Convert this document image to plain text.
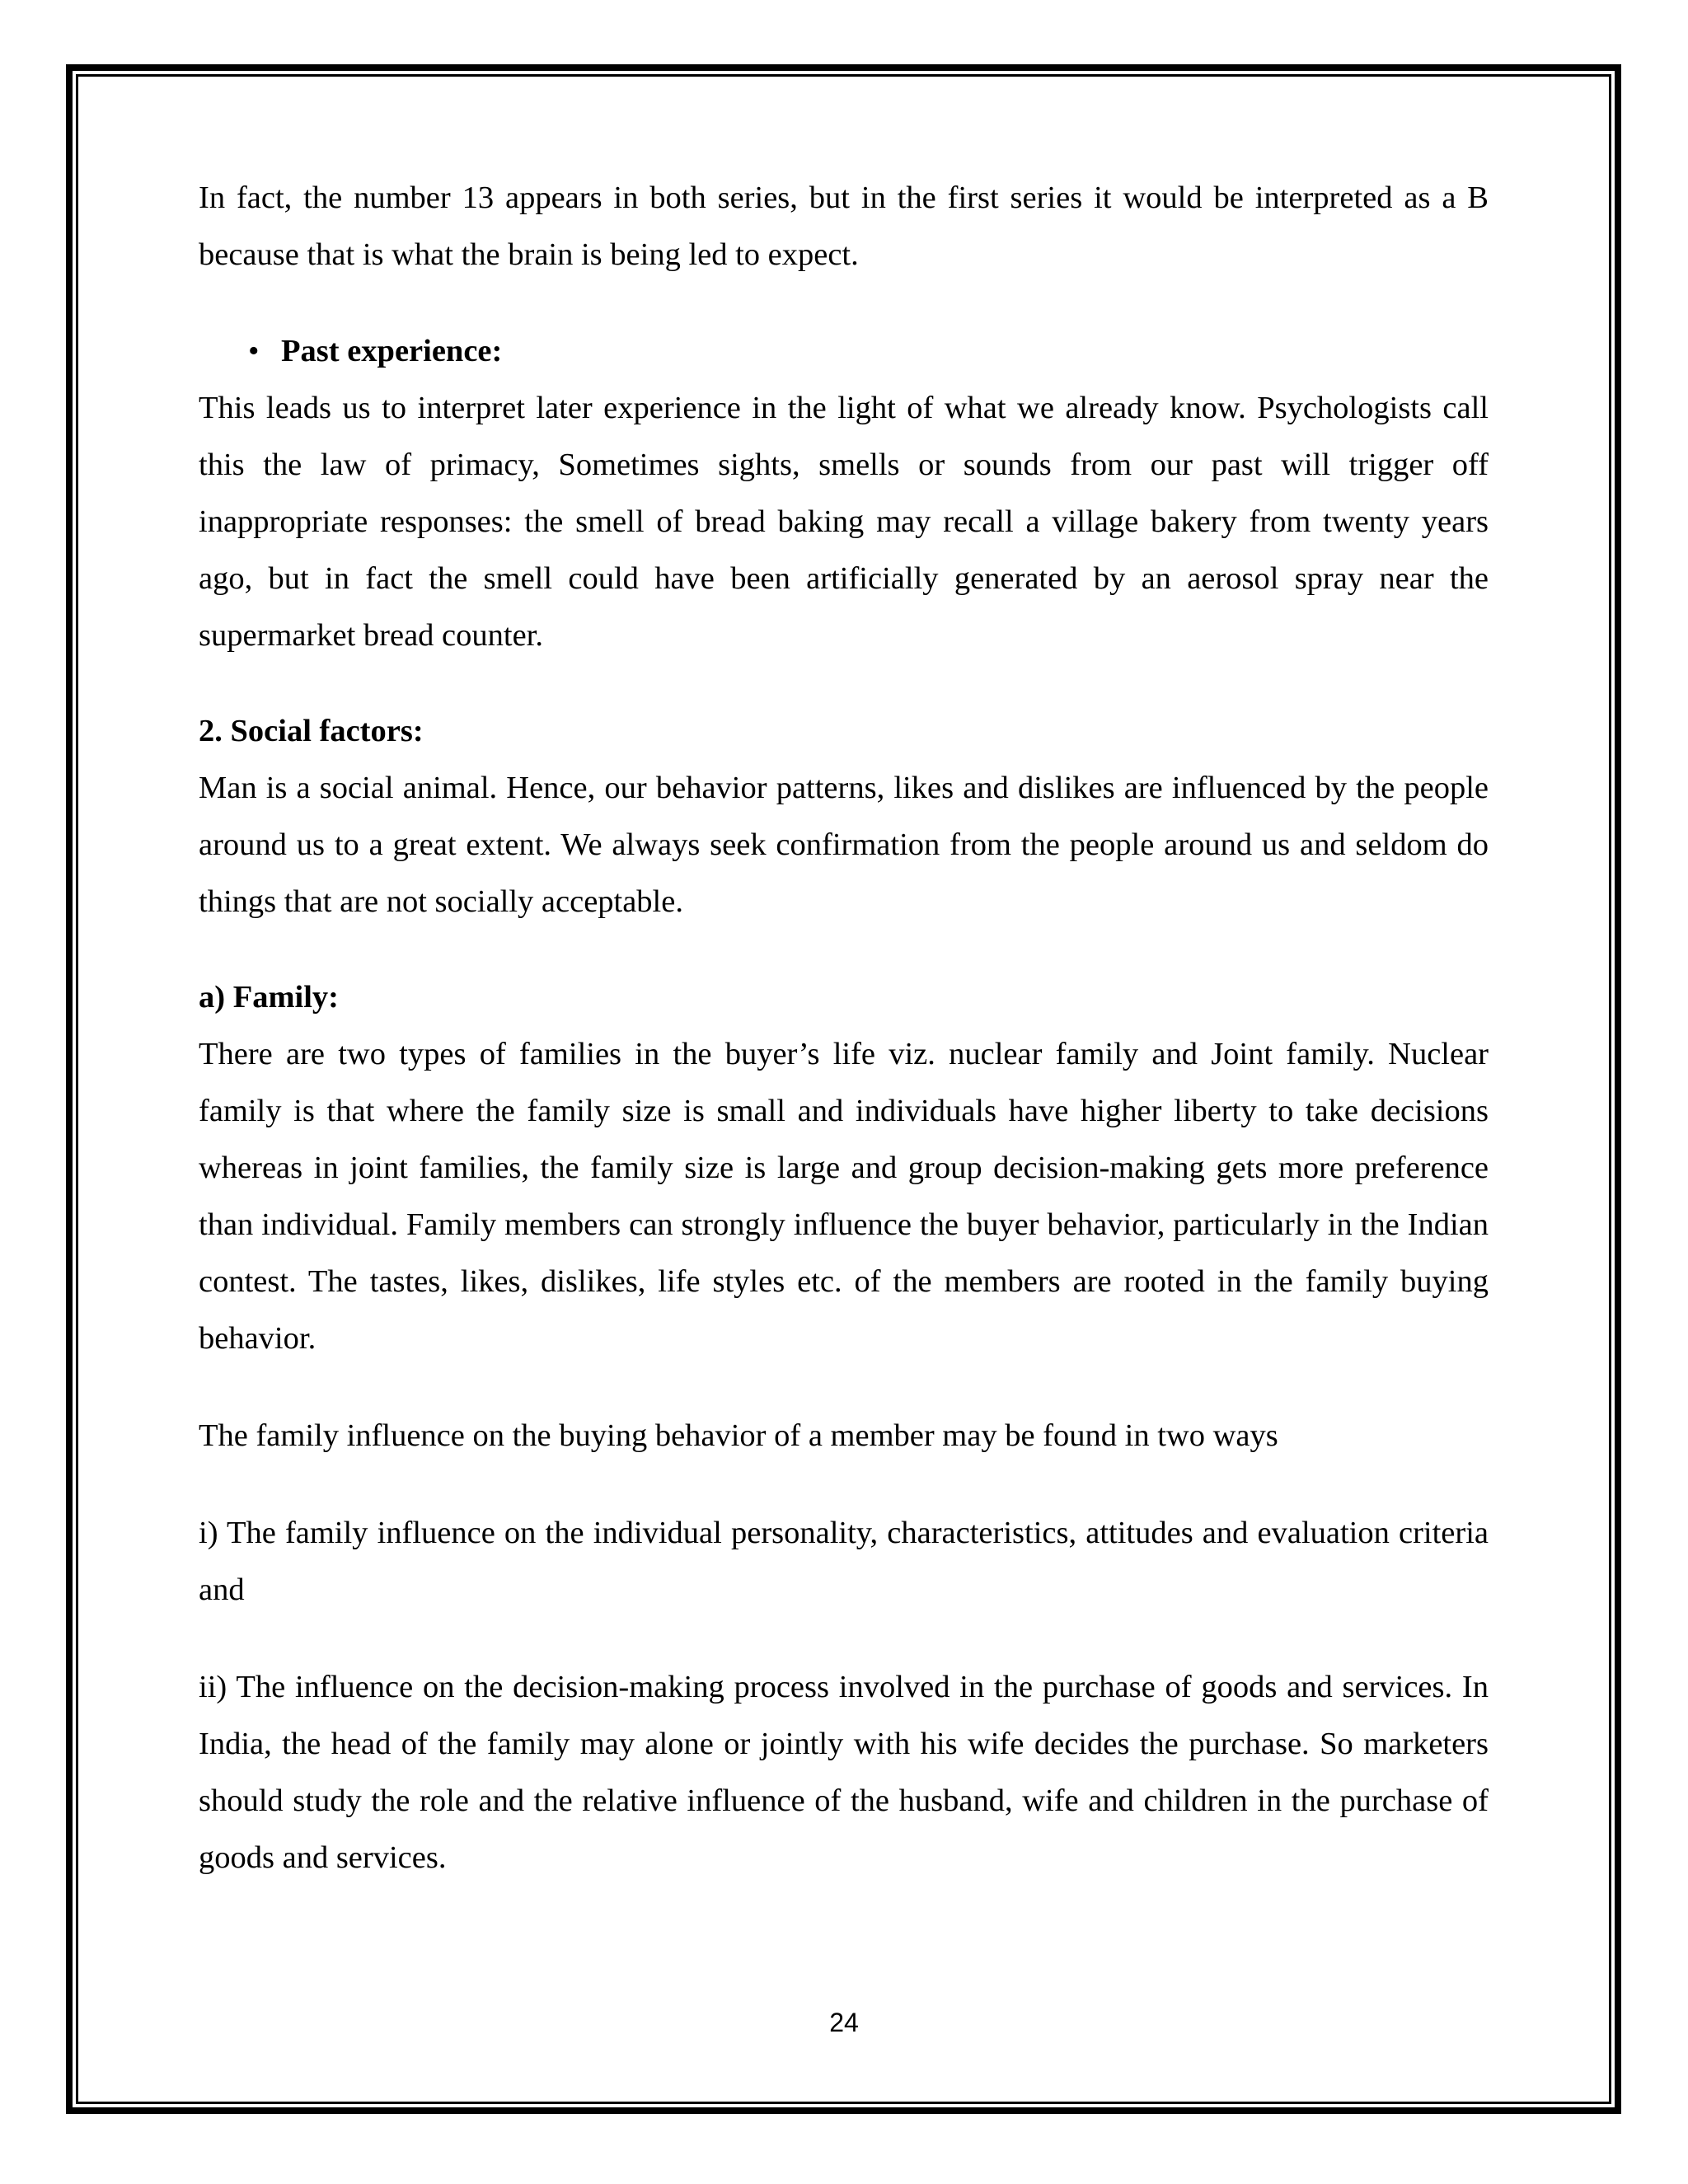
In fact, the number 13 appears in both series, but in the first series it would be interpreted as a B because that is what the brain is being led to expect.

• Past experience:

This leads us to interpret later experience in the light of what we already know. Psychologists call this the law of primacy, Sometimes sights, smells or sounds from our past will trigger off inappropriate responses: the smell of bread baking may recall a village bakery from twenty years ago, but in fact the smell could have been artificially generated by an aerosol spray near the supermarket bread counter.

2. Social factors:

Man is a social animal. Hence, our behavior patterns, likes and dislikes are influenced by the people around us to a great extent. We always seek confirmation from the people around us and seldom do things that are not socially acceptable.

a) Family:

There are two types of families in the buyer’s life viz. nuclear family and Joint family. Nuclear family is that where the family size is small and individuals have higher liberty to take decisions whereas in joint families, the family size is large and group decision-making gets more preference than individual. Family members can strongly influence the buyer behavior, particularly in the Indian contest. The tastes, likes, dislikes, life styles etc. of the members are rooted in the family buying behavior.

The family influence on the buying behavior of a member may be found in two ways

i) The family influence on the individual personality, characteristics, attitudes and evaluation criteria and

ii) The influence on the decision-making process involved in the purchase of goods and services. In India, the head of the family may alone or jointly with his wife decides the purchase. So marketers should study the role and the relative influence of the husband, wife and children in the purchase of goods and services.

24
